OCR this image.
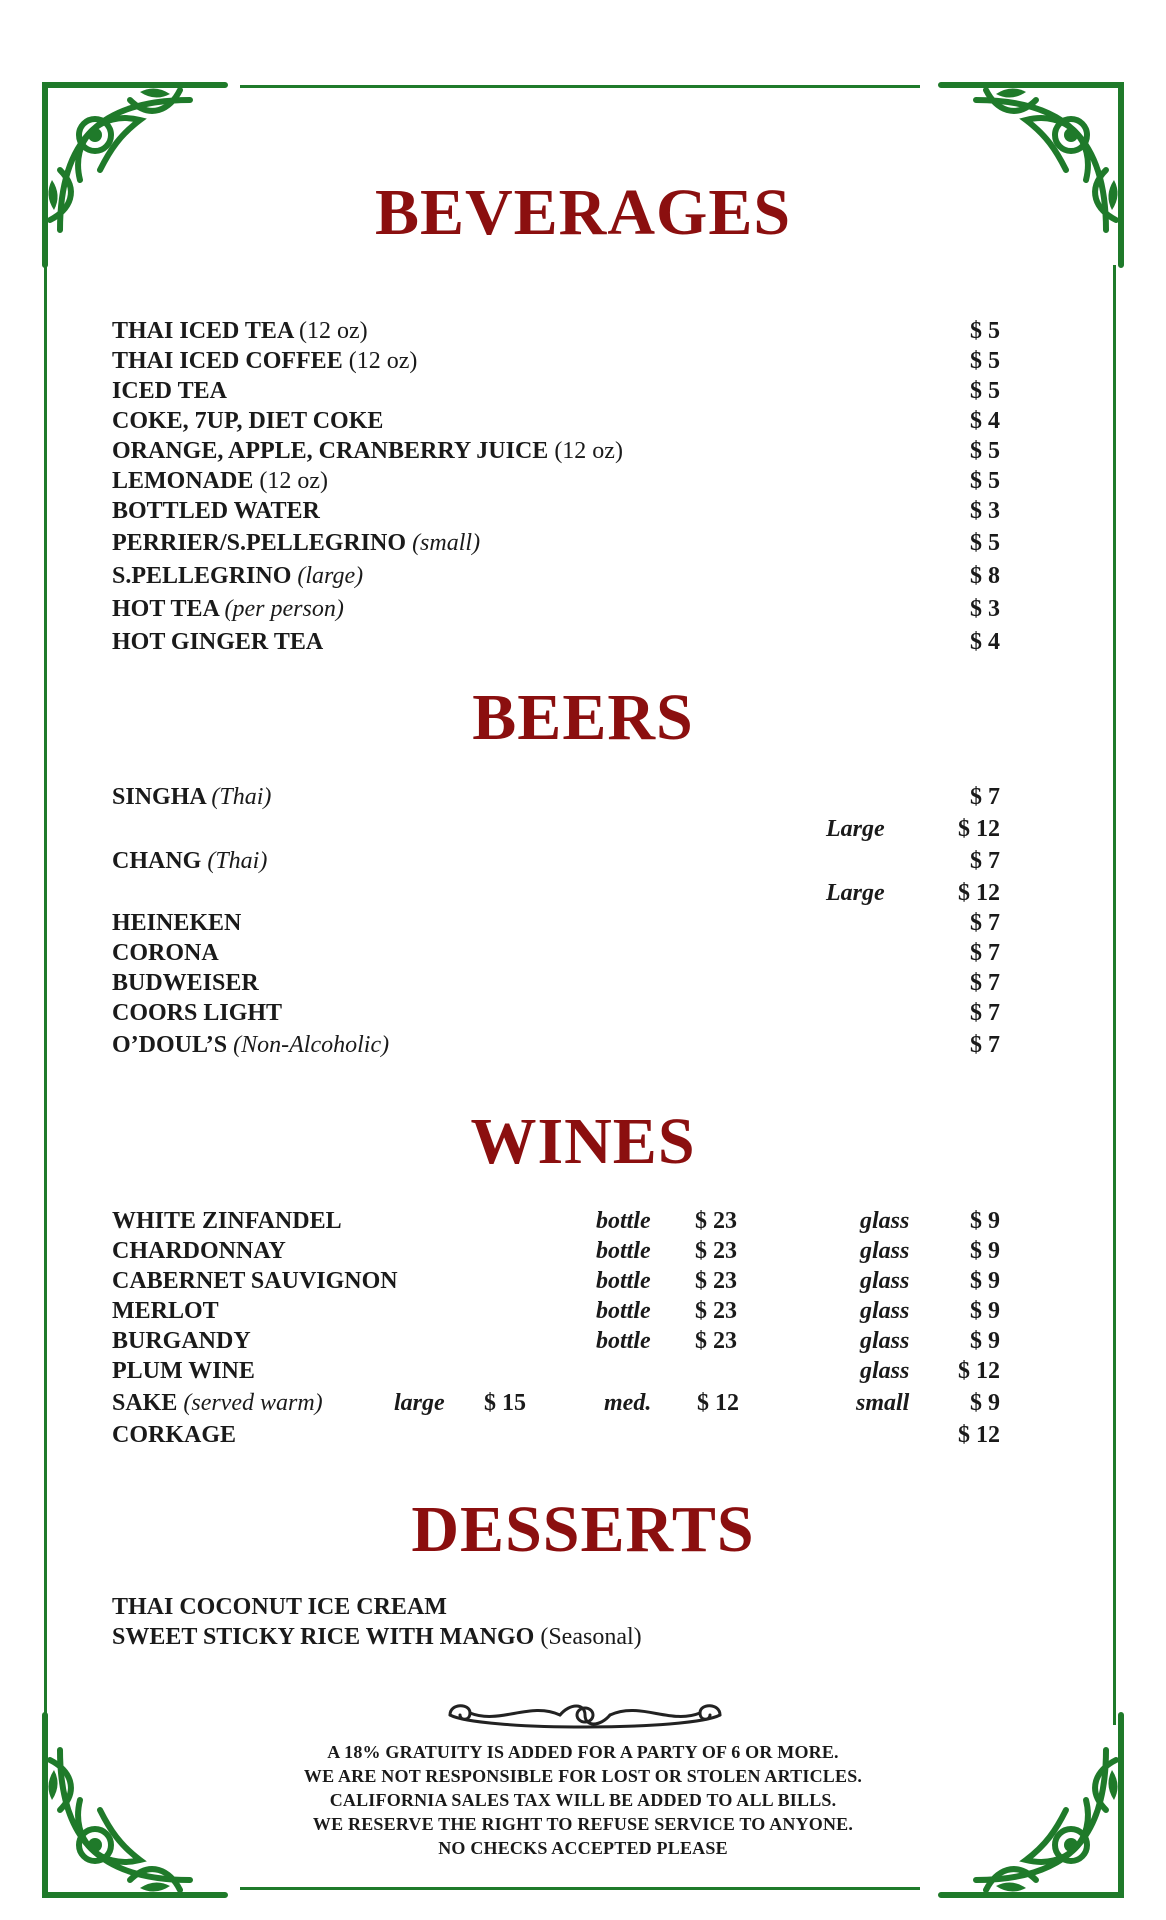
BEVERAGES
THAI ICED TEA (12 oz)	$ 5
THAI ICED COFFEE (12 oz)	$ 5
ICED TEA	$ 5
COKE, 7UP, DIET COKE	$ 4
ORANGE, APPLE, CRANBERRY JUICE (12 oz)	$ 5
LEMONADE (12 oz)	$ 5
BOTTLED WATER	$ 3
PERRIER/S.PELLEGRINO (small)	$ 5
S.PELLEGRINO (large)	$ 8
HOT TEA (per person)	$ 3
HOT GINGER TEA	$ 4
BEERS
SINGHA (Thai)	$ 7
Large	$ 12
CHANG (Thai)	$ 7
Large	$ 12
HEINEKEN	$ 7
CORONA	$ 7
BUDWEISER	$ 7
COORS LIGHT	$ 7
O’DOUL’S (Non-Alcoholic)	$ 7
WINES
WHITE ZINFANDEL	bottle $ 23	glass	$ 9
CHARDONNAY	bottle $ 23	glass	$ 9
CABERNET SAUVIGNON	bottle $ 23	glass	$ 9
MERLOT	bottle $ 23	glass	$ 9
BURGANDY	bottle $ 23	glass	$ 9
PLUM WINE	glass $ 12
SAKE (served warm)	large $ 15	med. $ 12	small	$ 9
CORKAGE	$ 12
DESSERTS
THAI COCONUT ICE CREAM
SWEET STICKY RICE WITH MANGO (Seasonal)
A 18% GRATUITY IS ADDED FOR A PARTY OF 6 OR MORE.
WE ARE NOT RESPONSIBLE FOR LOST OR STOLEN ARTICLES.
CALIFORNIA SALES TAX WILL BE ADDED TO ALL BILLS.
WE RESERVE THE RIGHT TO REFUSE SERVICE TO ANYONE.
NO CHECKS ACCEPTED PLEASE
